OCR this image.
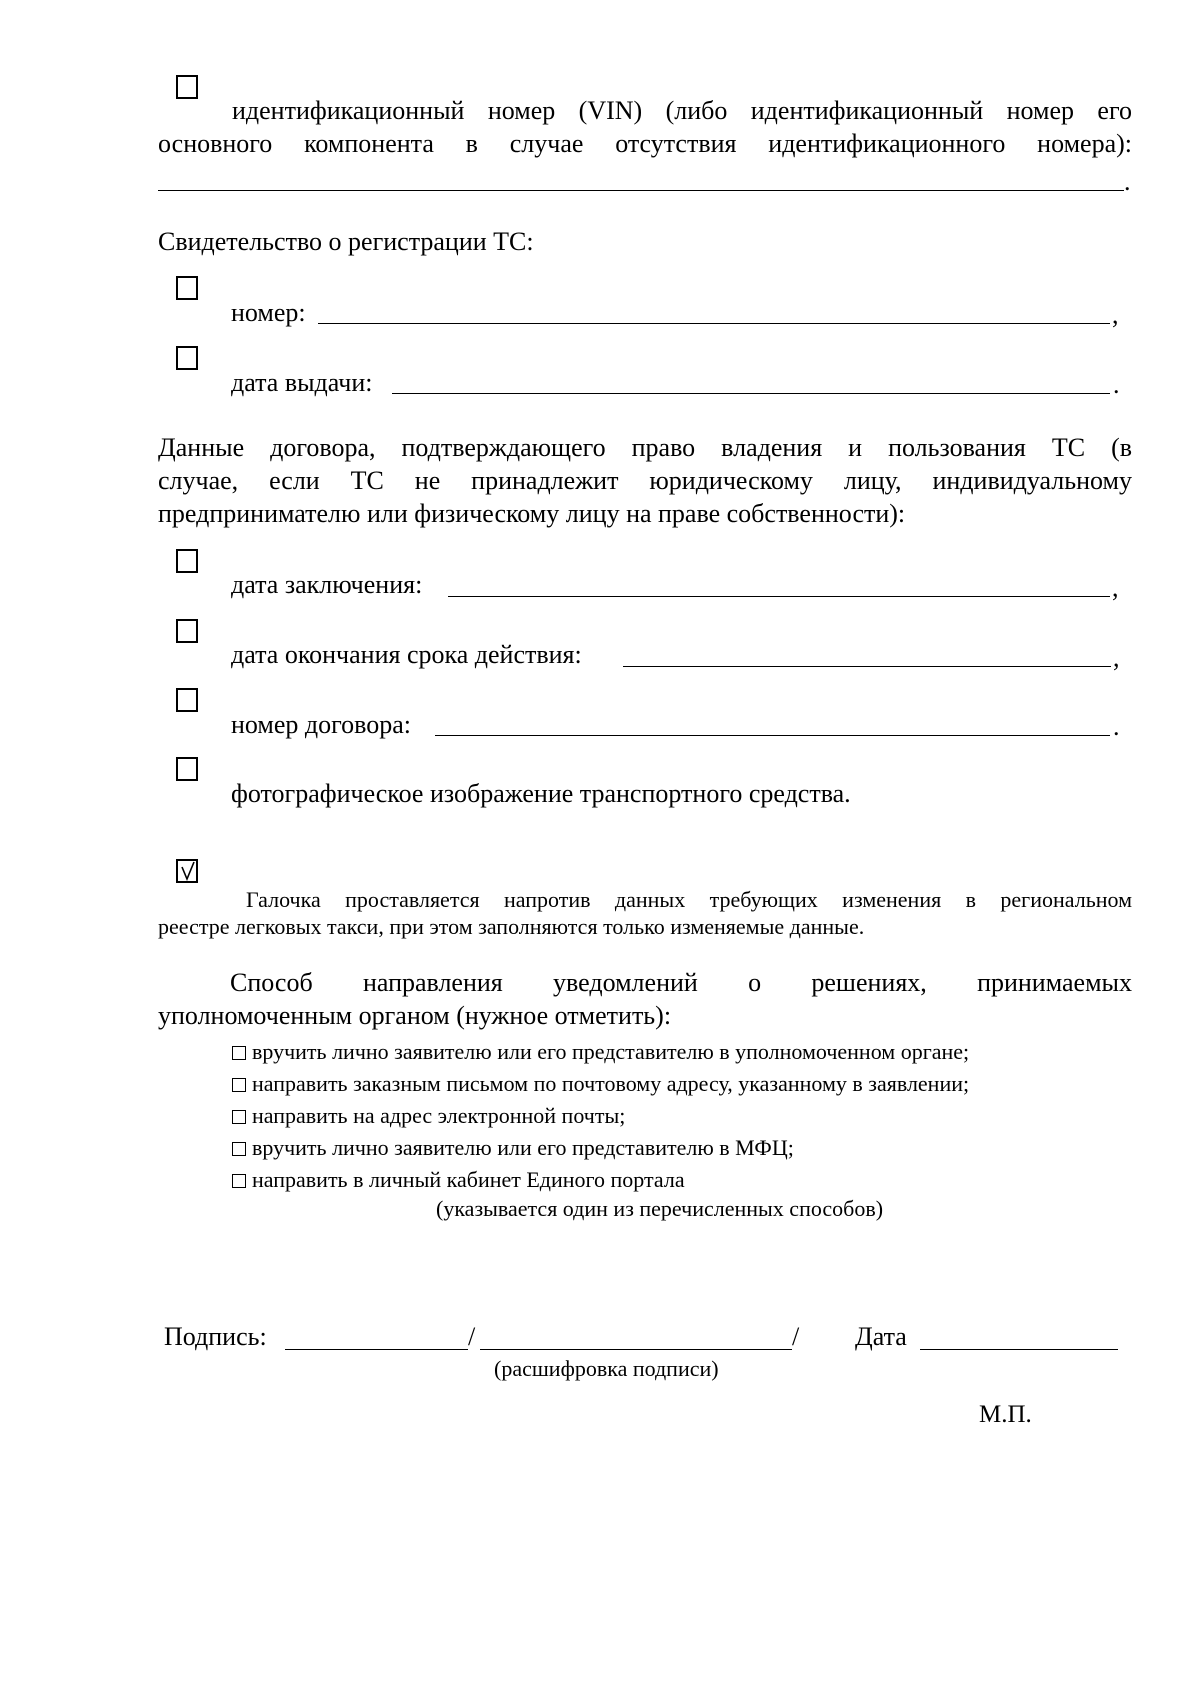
идентификационный номер (VIN) (либо идентификационный номер его
основного компонента в случае отсутствия идентификационного номера):
.
Свидетельство о регистрации ТС:
номер:	,
дата выдачи:	.
Данные договора, подтверждающего право владения и пользования ТС (в
случае, если ТС не принадлежит юридическому лицу, индивидуальному
предпринимателю или физическому лицу на праве собственности):
дата заключения:	,
дата окончания срока действия:	,
номер договора:	.
фотографическое изображение транспортного средства.
Галочка проставляется напротив данных требующих изменения в региональном
реестре легковых такси, при этом заполняются только изменяемые данные.
Способ направления уведомлений о решениях, принимаемых
уполномоченным органом (нужное отметить):
вручить лично заявителю или его представителю в уполномоченном органе;
направить заказным письмом по почтовому адресу, указанному в заявлении;
направить на адрес электронной почты;
вручить лично заявителю или его представителю в МФЦ;
направить в личный кабинет Единого портала
(указывается один из перечисленных способов)
Подпись:	/	/ Дата
(расшифровка подписи)
М.П.
